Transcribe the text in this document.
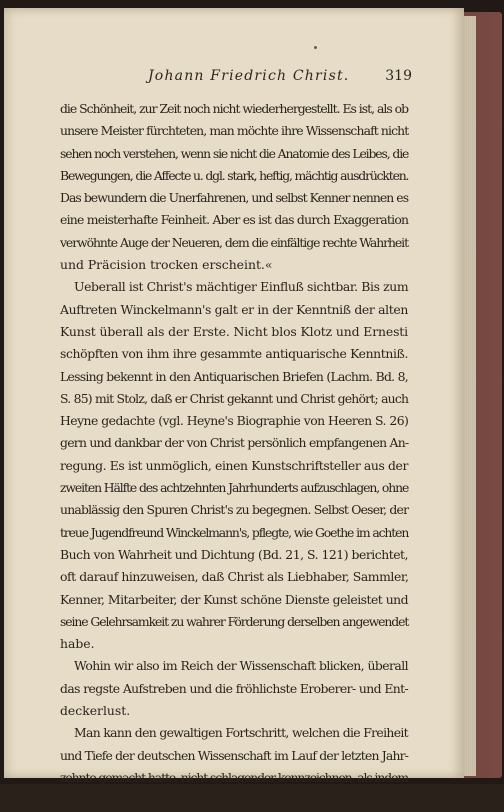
Johann Friedrich Christ.	319
die Schönheit, zur Zeit noch nicht wiederhergestellt. Es ist, als ob
unsere Meister fürchteten, man möchte ihre Wissenschaft nicht
sehen noch verstehen, wenn sie nicht die Anatomie des Leibes, die
Bewegungen, die Affecte u. dgl. stark, heftig, mächtig ausdrückten.
Das bewundern die Unerfahrenen, und selbst Kenner nennen es
eine meisterhafte Feinheit. Aber es ist das durch Exaggeration
verwöhnte Auge der Neueren, dem die einfältige rechte Wahrheit
und Präcision trocken erscheint.«
Ueberall ist Christ's mächtiger Einfluß sichtbar. Bis zum
Auftreten Winckelmann's galt er in der Kenntniß der alten
Kunst überall als der Erste. Nicht blos Klotz und Ernesti
schöpften von ihm ihre gesammte antiquarische Kenntniß.
Lessing bekennt in den Antiquarischen Briefen (Lachm. Bd. 8,
S. 85) mit Stolz, daß er Christ gekannt und Christ gehört; auch
Heyne gedachte (vgl. Heyne's Biographie von Heeren S. 26)
gern und dankbar der von Christ persönlich empfangenen An-
regung. Es ist unmöglich, einen Kunstschriftsteller aus der
zweiten Hälfte des achtzehnten Jahrhunderts aufzuschlagen, ohne
unablässig den Spuren Christ's zu begegnen. Selbst Oeser, der
treue Jugendfreund Winckelmann's, pflegte, wie Goethe im achten
Buch von Wahrheit und Dichtung (Bd. 21, S. 121) berichtet,
oft darauf hinzuweisen, daß Christ als Liebhaber, Sammler,
Kenner, Mitarbeiter, der Kunst schöne Dienste geleistet und
seine Gelehrsamkeit zu wahrer Förderung derselben angewendet
habe.
Wohin wir also im Reich der Wissenschaft blicken, überall
das regste Aufstreben und die fröhlichste Eroberer- und Ent-
deckerlust.
Man kann den gewaltigen Fortschritt, welchen die Freiheit
und Tiefe der deutschen Wissenschaft im Lauf der letzten Jahr-
zehnte gemacht hatte, nicht schlagender kennzeichnen, als indem
man die im Jahr 1734 erfolgte Gründung der neuen Univer-
